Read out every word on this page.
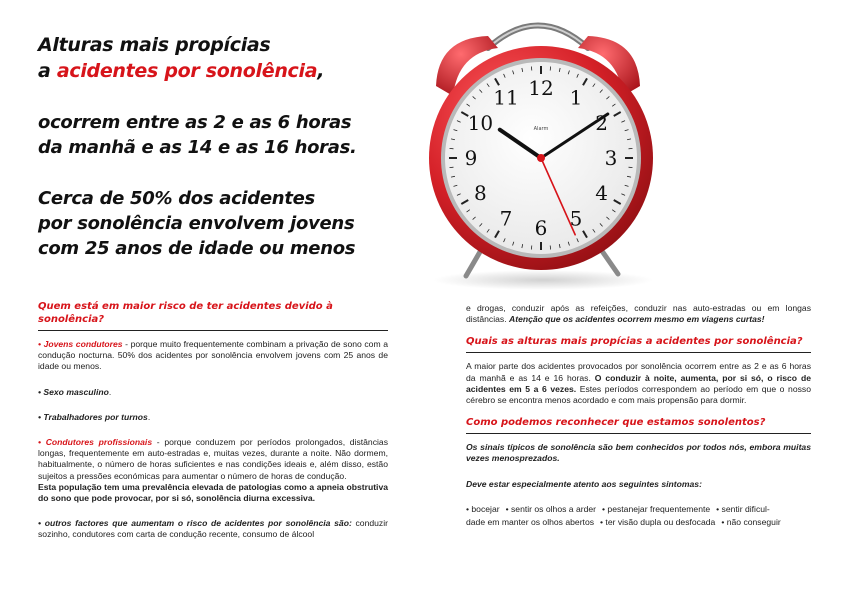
Alturas mais propícias

a acidentes por sonolência,

ocorrem entre as 2 e as 6 horas

da manhã e as 14 e as 16 horas.

Cerca de 50% dos acidentes

por sonolência envolvem jovens

com 25 anos de idade ou menos

12 1
2
3
4
5
6
7
8
9
10
11
Alarm
Quem está em maior risco de ter acidentes devido à sonolência?

• Jovens condutores - porque muito frequentemente combinam a privação de sono com a condução nocturna. 50% dos acidentes por sonolência envolvem jovens com 25 anos de idade ou menos.

• Sexo masculino.

• Trabalhadores por turnos.

• Condutores profissionais - porque conduzem por períodos prolongados, distâncias longas, frequentemente em auto-estradas e, muitas vezes, durante a noite. Não dormem, habitualmente, o número de horas suficientes e nas condições ideais e, além disso, estão sujeitos a pressões económicas para aumentar o número de horas de condução.

Esta população tem uma prevalência elevada de patologias como a apneia obstrutiva do sono que pode provocar, por si só, sonolência diurna excessiva.

• outros factores que aumentam o risco de acidentes por sonolência são: conduzir sozinho, condutores com carta de condução recente, consumo de álcool

e drogas, conduzir após as refeições, conduzir nas auto-estradas ou em longas distâncias. Atenção que os acidentes ocorrem mesmo em viagens curtas!

Quais as alturas mais propícias a acidentes por sonolência?

A maior parte dos acidentes provocados por sonolência ocorrem entre as 2 e as 6 horas da manhã e as 14 e 16 horas. O conduzir à noite, aumenta, por si só, o risco de acidentes em 5 a 6 vezes. Estes períodos correspondem ao período em que o nosso cérebro se encontra menos acordado e com mais propensão para dormir.

Como podemos reconhecer que estamos sonolentos?

Os sinais típicos de sonolência são bem conhecidos por todos nós, embora muitas vezes menosprezados.

Deve estar especialmente atento aos seguintes sintomas:

• bocejar • sentir os olhos a arder • pestanejar frequentemente • sentir dificul-
dade em manter os olhos abertos • ter visão dupla ou desfocada • não conseguir
